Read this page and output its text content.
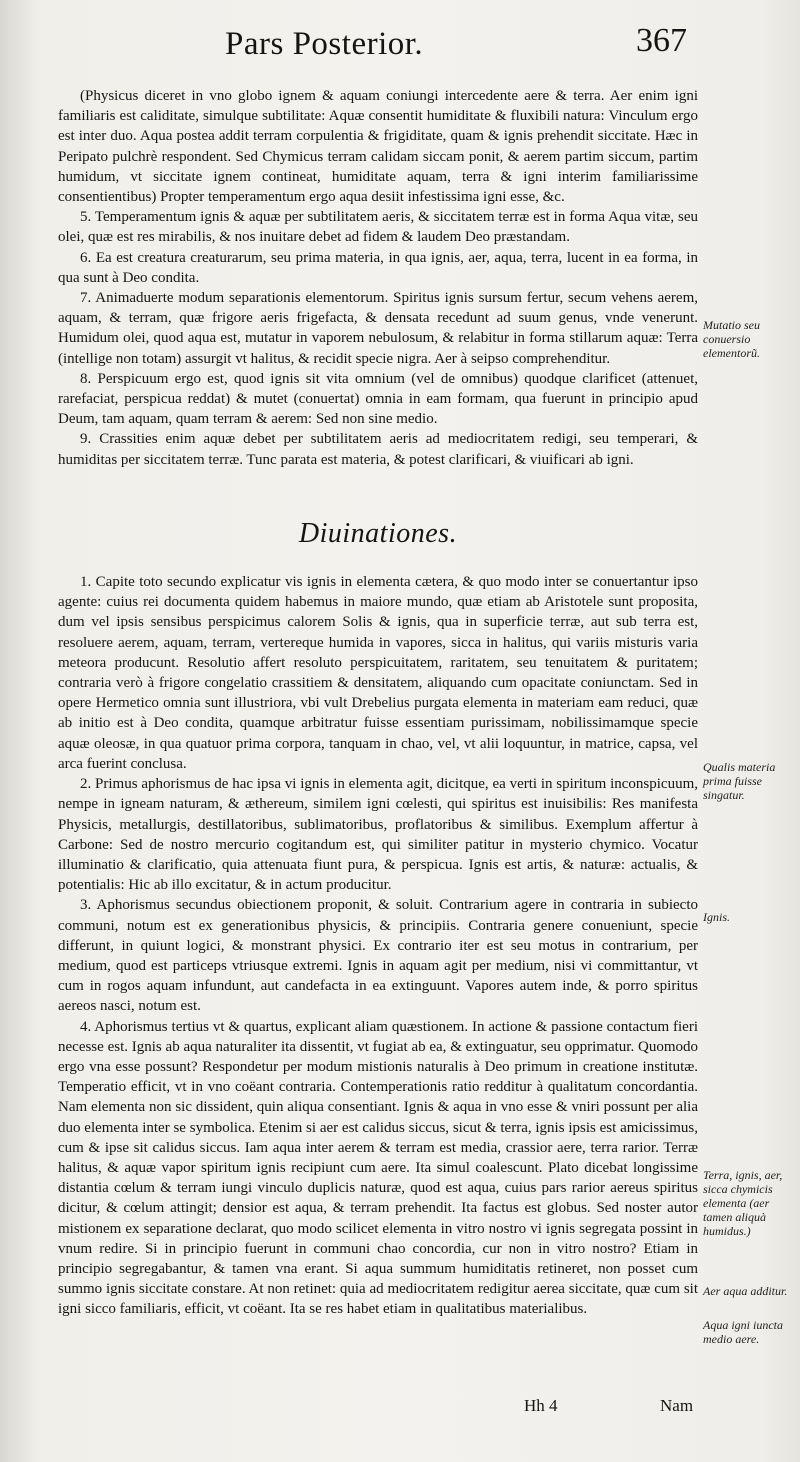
Pars Posterior.	367

(Physicus diceret in vno globo ignem & aquam coniungi intercedente aere & terra. Aer enim igni familiaris est caliditate, simulque subtilitate: Aquæ consentit humiditate & fluxibili natura: Vinculum ergo est inter duo. Aqua postea addit terram corpulentia & frigiditate, quam & ignis prehendit siccitate. Hæc in Peripato pulchrè respondent. Sed Chymicus terram calidam siccam ponit, & aerem partim siccum, partim humidum, vt siccitate ignem contineat, humiditate aquam, terra & igni interim familiarissime consentientibus) Propter temperamentum ergo aqua desiit infestissima igni esse, &c.

5. Temperamentum ignis & aquæ per subtilitatem aeris, & siccitatem terræ est in forma Aqua vitæ, seu olei, quæ est res mirabilis, & nos inuitare debet ad fidem & laudem Deo præstandam.

6. Ea est creatura creaturarum, seu prima materia, in qua ignis, aer, aqua, terra, lucent in ea forma, in qua sunt à Deo condita.

7. Animaduerte modum separationis elementorum. Spiritus ignis sursum fertur, secum vehens aerem, aquam, & terram, quæ frigore aeris frigefacta, & densata recedunt ad suum genus, vnde venerunt. Humidum olei, quod aqua est, mutatur in vaporem nebulosum, & relabitur in forma stillarum aquæ: Terra (intellige non totam) assurgit vt halitus, & recidit specie nigra. Aer à seipso comprehenditur.

8. Perspicuum ergo est, quod ignis sit vita omnium (vel de omnibus) quodque clarificet (attenuet, rarefaciat, perspicua reddat) & mutet (conuertat) omnia in eam formam, qua fuerunt in principio apud Deum, tam aquam, quam terram & aerem: Sed non sine medio.

9. Crassities enim aquæ debet per subtilitatem aeris ad mediocritatem redigi, seu temperari, & humiditas per siccitatem terræ. Tunc parata est materia, & potest clarificari, & viuificari ab igni.

Diuinationes.

1. Capite toto secundo explicatur vis ignis in elementa cætera, & quo modo inter se conuertantur ipso agente: cuius rei documenta quidem habemus in maiore mundo, quæ etiam ab Aristotele sunt proposita, dum vel ipsis sensibus perspicimus calorem Solis & ignis, qua in superficie terræ, aut sub terra est, resoluere aerem, aquam, terram, vertereque humida in vapores, sicca in halitus, qui variis misturis varia meteora producunt. Resolutio affert resoluto perspicuitatem, raritatem, seu tenuitatem & puritatem; contraria verò à frigore congelatio crassitiem & densitatem, aliquando cum opacitate coniunctam. Sed in opere Hermetico omnia sunt illustriora, vbi vult Drebelius purgata elementa in materiam eam reduci, quæ ab initio est à Deo condita, quamque arbitratur fuisse essentiam purissimam, nobilissimamque specie aquæ oleosæ, in qua quatuor prima corpora, tanquam in chao, vel, vt alii loquuntur, in matrice, capsa, vel arca fuerint conclusa.

2. Primus aphorismus de hac ipsa vi ignis in elementa agit, dicitque, ea verti in spiritum inconspicuum, nempe in igneam naturam, & æthereum, similem igni cœlesti, qui spiritus est inuisibilis: Res manifesta Physicis, metallurgis, destillatoribus, sublimatoribus, proflatoribus & similibus. Exemplum affertur à Carbone: Sed de nostro mercurio cogitandum est, qui similiter patitur in mysterio chymico. Vocatur illuminatio & clarificatio, quia attenuata fiunt pura, & perspicua. Ignis est artis, & naturæ: actualis, & potentialis: Hic ab illo excitatur, & in actum producitur.

3. Aphorismus secundus obiectionem proponit, & soluit. Contrarium agere in contraria in subiecto communi, notum est ex generationibus physicis, & principiis. Contraria genere conueniunt, specie differunt, in quiunt logici, & monstrant physici. Ex contrario iter est seu motus in contrarium, per medium, quod est particeps vtriusque extremi. Ignis in aquam agit per medium, nisi vi committantur, vt cum in rogos aquam infundunt, aut candefacta in ea extinguunt. Vapores autem inde, & porro spiritus aereos nasci, notum est.

4. Aphorismus tertius vt & quartus, explicant aliam quæstionem. In actione & passione contactum fieri necesse est. Ignis ab aqua naturaliter ita dissentit, vt fugiat ab ea, & extinguatur, seu opprimatur. Quomodo ergo vna esse possunt? Respondetur per modum mistionis naturalis à Deo primum in creatione institutæ. Temperatio efficit, vt in vno coëant contraria. Contemperationis ratio redditur à qualitatum concordantia. Nam elementa non sic dissident, quin aliqua consentiant. Ignis & aqua in vno esse & vniri possunt per alia duo elementa inter se symbolica. Etenim si aer est calidus siccus, sicut & terra, ignis ipsis est amicissimus, cum & ipse sit calidus siccus. Iam aqua inter aerem & terram est media, crassior aere, terra rarior. Terræ halitus, & aquæ vapor spiritum ignis recipiunt cum aere. Ita simul coalescunt. Plato dicebat longissime distantia cœlum & terram iungi vinculo duplicis naturæ, quod est aqua, cuius pars rarior aereus spiritus dicitur, & cœlum attingit; densior est aqua, & terram prehendit. Ita factus est globus. Sed noster autor mistionem ex separatione declarat, quo modo scilicet elementa in vitro nostro vi ignis segregata possint in vnum redire. Si in principio fuerunt in communi chao concordia, cur non in vitro nostro? Etiam in principio segregabantur, & tamen vna erant. Si aqua summum humiditatis retineret, non posset cum summo ignis siccitate constare. At non retinet: quia ad mediocritatem redigitur aerea siccitate, quæ cum sit igni sicco familiaris, efficit, vt coëant. Ita se res habet etiam in qualitatibus materialibus.

Mutatio seu conuersio elementorũ.
Qualis materia prima fuisse singatur.
Ignis.
Terra, ignis, aer, sicca chymicis elementa (aer tamen aliquà humidus.)
Aer aqua additur.
Aqua igni iuncta medio aere.
Hh 4	Nam
